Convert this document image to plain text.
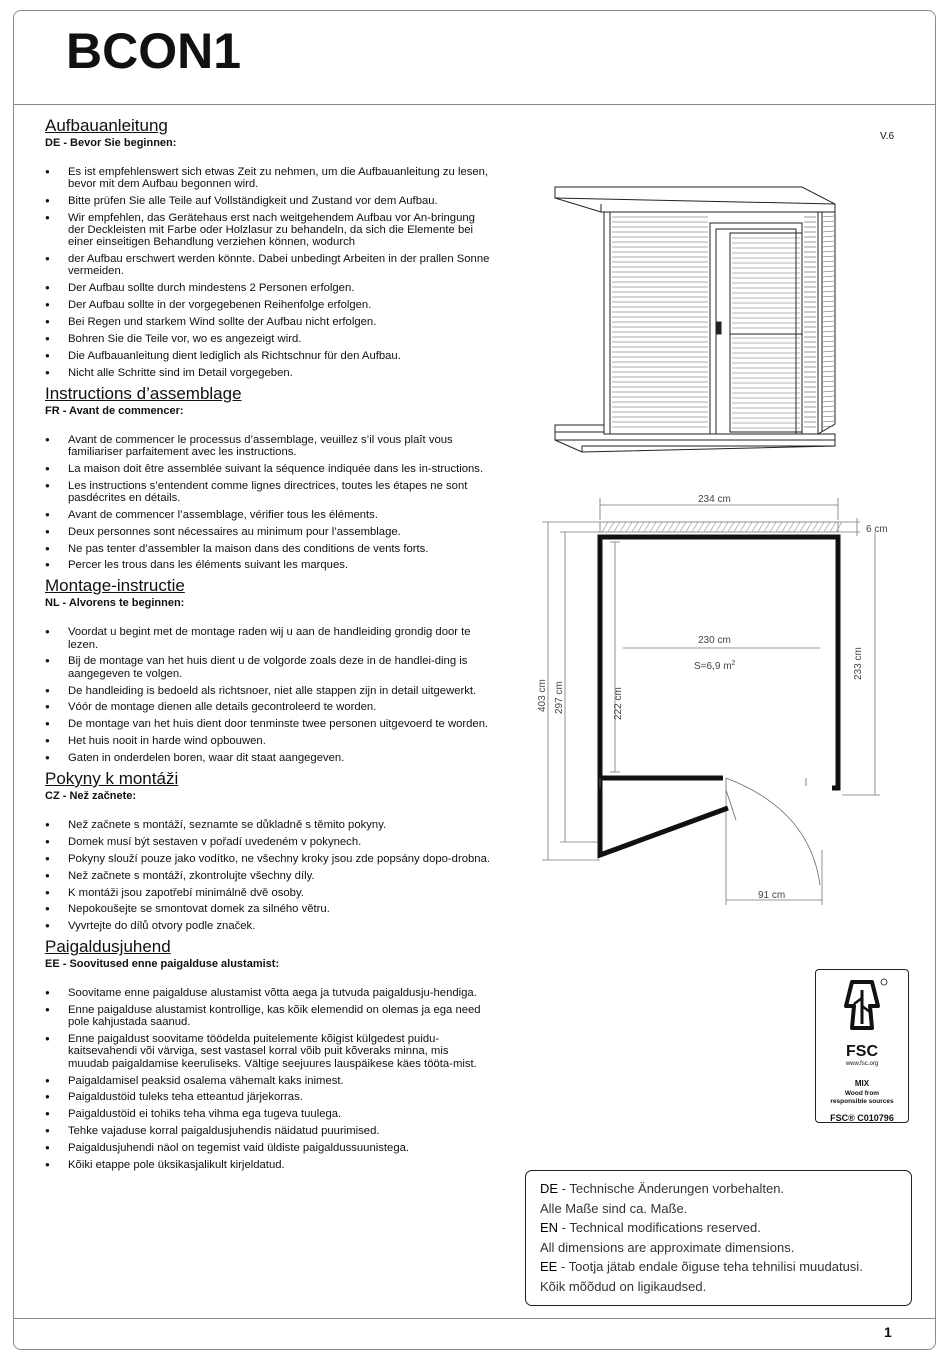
BCON1
V.6
1
Aufbauanleitung
DE - Bevor Sie beginnen:
● Es ist empfehlenswert sich etwas Zeit zu nehmen, um die Aufbauanleitung zu lesen, bevor mit dem Aufbau begonnen wird.
● Bitte prüfen Sie alle Teile auf Vollständigkeit und Zustand vor dem Aufbau.
● Wir empfehlen, das Gerätehaus erst nach weitgehendem Aufbau vor An-bringung der Deckleisten mit Farbe oder Holzlasur zu behandeln, da sich die Elemente bei einer einseitigen Behandlung verziehen können, wodurch
● der Aufbau erschwert werden könnte. Dabei unbedingt Arbeiten in der prallen Sonne vermeiden.
● Der Aufbau sollte durch mindestens 2 Personen erfolgen.
● Der Aufbau sollte in der vorgegebenen Reihenfolge erfolgen.
● Bei Regen und starkem Wind sollte der Aufbau nicht erfolgen.
● Bohren Sie die Teile vor, wo es angezeigt wird.
● Die Aufbauanleitung dient lediglich als Richtschnur für den Aufbau.
● Nicht alle Schritte sind im Detail vorgegeben.
Instructions d’assemblage
FR - Avant de commencer:
● Avant de commencer le processus d’assemblage, veuillez s’il vous plaît vous familiariser parfaitement avec les instructions.
● La maison doit être assemblée suivant la séquence indiquée dans les in-structions.
● Les instructions s’entendent comme lignes directrices, toutes les étapes ne sont pasdécrites en détails.
● Avant de commencer l’assemblage, vérifier tous les éléments.
● Deux personnes sont nécessaires au minimum pour l’assemblage.
● Ne pas tenter d’assembler la maison dans des conditions de vents forts.
● Percer les trous dans les éléments suivant les marques.
Montage-instructie
NL - Alvorens te beginnen:
● Voordat u begint met de montage raden wij u aan de handleiding grondig door te lezen.
● Bij de montage van het huis dient u de volgorde zoals deze in de handlei-ding is aangegeven te volgen.
● De handleiding is bedoeld als richtsnoer, niet alle stappen zijn in detail uitgewerkt.
● Vóór de montage dienen alle details gecontroleerd te worden.
● De montage van het huis dient door tenminste twee personen uitgevoerd te worden.
● Het huis nooit in harde wind opbouwen.
● Gaten in onderdelen boren, waar dit staat aangegeven.
Pokyny k montáži
CZ - Než začnete:
● Než začnete s montáží, seznamte se důkladně s těmito pokyny.
● Domek musí být sestaven v pořadí uvedeném v pokynech.
● Pokyny slouží pouze jako vodítko, ne všechny kroky jsou zde popsány dopo-drobna.
● Než začnete s montáží, zkontrolujte všechny díly.
● K montáži jsou zapotřebí minimálně dvě osoby.
● Nepokoušejte se smontovat domek za silného větru.
● Vyvrtejte do dílů otvory podle značek.
Paigaldusjuhend
EE - Soovitused enne paigalduse alustamist:
● Soovitame enne paigalduse alustamist võtta aega ja tutvuda paigaldusju-hendiga.
● Enne paigalduse alustamist kontrollige, kas kõik elemendid on olemas ja ega need pole kahjustada saanud.
● Enne paigaldust soovitame töödelda puitelemente kõigist külgedest puidu-kaitsevahendi või värviga, sest vastasel korral võib puit kõveraks minna, mis muudab paigaldamise keeruliseks. Vältige seejuures lauspäikese käes tööta-mist.
● Paigaldamisel peaksid osalema vähemalt kaks inimest.
● Paigaldustöid tuleks teha etteantud järjekorras.
● Paigaldustöid ei tohiks teha vihma ega tugeva tuulega.
● Tehke vajaduse korral paigaldusjuhendis näidatud puurimised.
● Paigaldusjuhendi näol on tegemist vaid üldiste paigaldussuunistega.
● Kõiki etappe pole üksikasjalikult kirjeldatud.
234 cm
6 cm
230 cm
S=6,9 $m^2$
222 cm
297 cm
403 cm
233 cm
91 cm
FSC
www.fsc.org
MIX
Wood from
responsible sources
FSC® C010796
DE - Technische Änderungen vorbehalten.
Alle Maße sind ca. Maße.
EN - Technical modifications reserved.
All dimensions are approximate dimensions.
EE - Tootja jätab endale õiguse teha tehnilisi muudatusi.
Kõik mõõdud on ligikaudsed.
